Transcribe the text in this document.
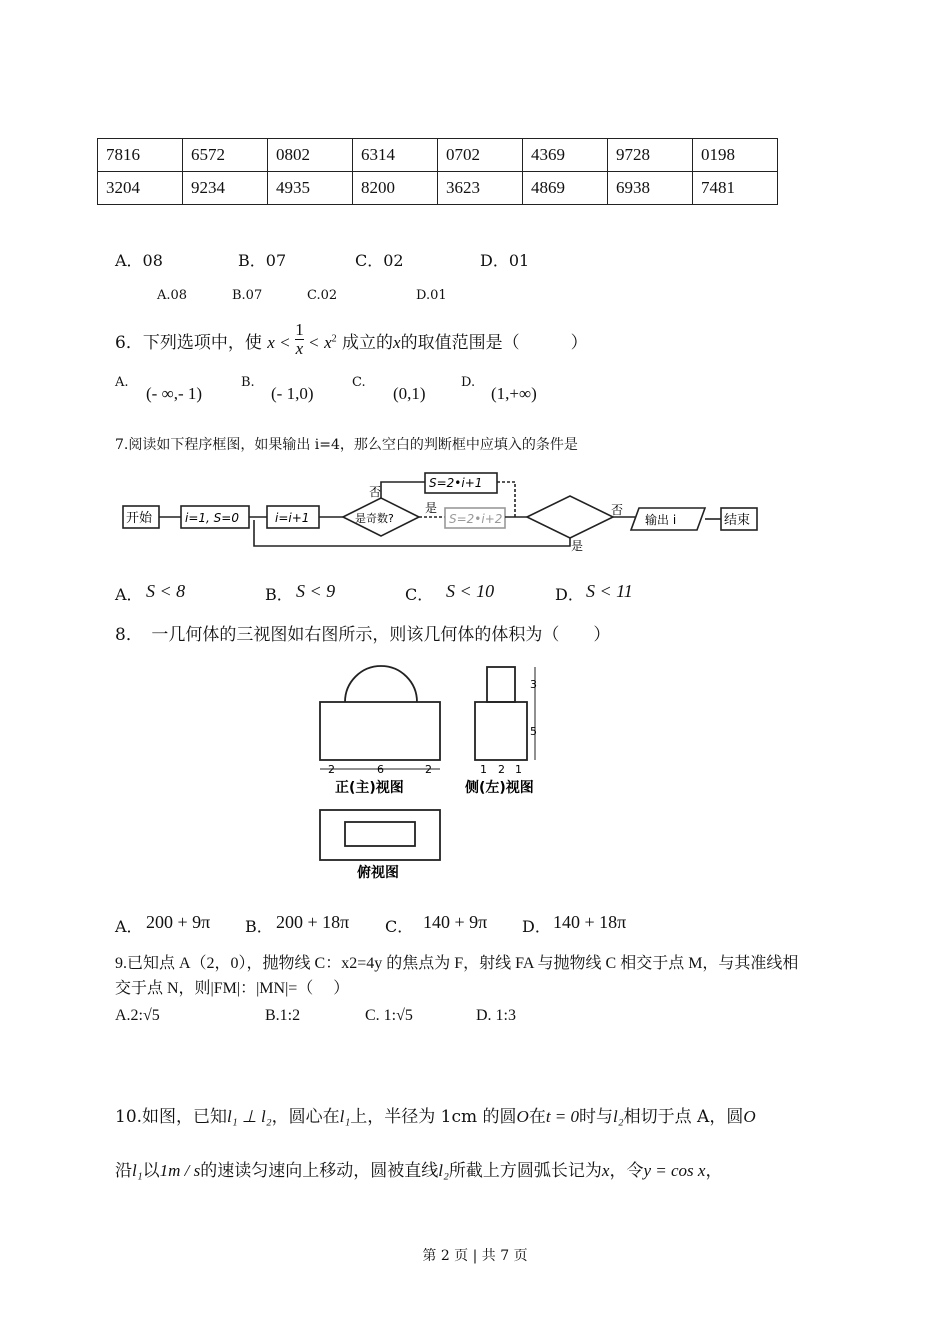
7816	6572	0802	6314	0702	4369	9728	0198
3204	9234	4935	8200	3623	4869	6938	7481
A．08	B．07	C．02	D．01
A.08	B.07	C.02	D.01
6．下列选项中，使 $x < \frac{1}{x} < x^2$ 成立的x的取值范围是（　　　）
A.
(- ∞,- 1)
B.
(- 1,0)
C.
(0,1)
D.
(1,+∞)
7.阅读如下程序框图，如果输出 i=4，那么空白的判断框中应填入的条件是
开始	i=1, S=0	i=i+1	是奇数?
否
是
S=2•i+1
S=2•i+2
否
是
输出 i	结束
A． S < 8	B． S < 9	C． S < 10	D． S < 11
8．　一几何体的三视图如右图所示，则该几何体的体积为（　　）
2	6	2
3
5
1 2 1
正(主)视图	侧(左)视图
俯视图
A． 200 + 9π B． 200 + 18π C． 140 + 9π D． 140 + 18π
9.已知点 A（2，0），抛物线 C：x2=4y 的焦点为 F，射线 FA 与抛物线 C 相交于点 M，与其准线相
交于点 N，则|FM|：|MN|=（　 ）
A.2:√5	B.1:2	C. 1:√5	D. 1:3
10.如图，已知l₁ ⊥ l₂，圆心在l₁上，半径为 1cm 的圆O在t = 0时与l₂相切于点 A，圆O
沿l₁以1m / s的速读匀速向上移动，圆被直线l₂所截上方圆弧长记为x，令y = cos x，
第 2 页 | 共 7 页
